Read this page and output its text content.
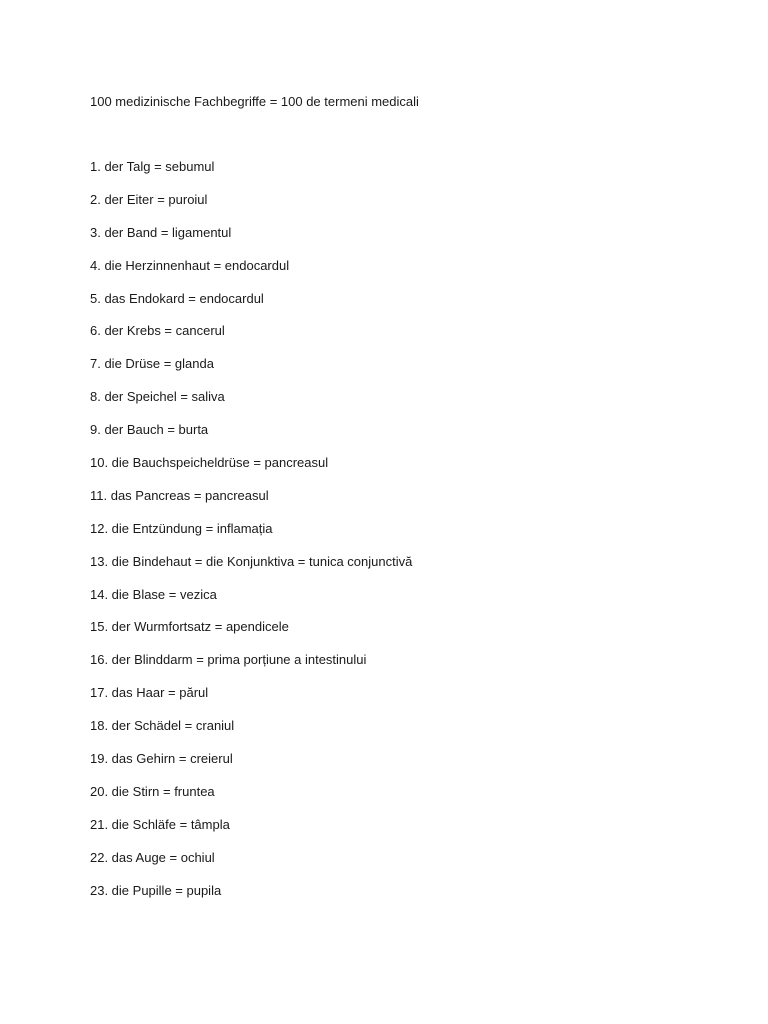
100 medizinische Fachbegriffe = 100 de termeni medicali
1. der Talg = sebumul
2. der Eiter = puroiul
3. der Band = ligamentul
4. die Herzinnenhaut = endocardul
5. das Endokard = endocardul
6. der Krebs = cancerul
7. die Drüse = glanda
8. der Speichel = saliva
9. der Bauch = burta
10. die Bauchspeicheldrüse = pancreasul
11. das Pancreas = pancreasul
12. die Entzündung = inflamația
13. die Bindehaut = die Konjunktiva = tunica conjunctivă
14. die Blase = vezica
15. der Wurmfortsatz = apendicele
16. der Blinddarm = prima porțiune a intestinului
17. das Haar = părul
18. der Schädel = craniul
19. das Gehirn = creierul
20. die Stirn = fruntea
21. die Schläfe = tâmpla
22. das Auge = ochiul
23. die Pupille = pupila
